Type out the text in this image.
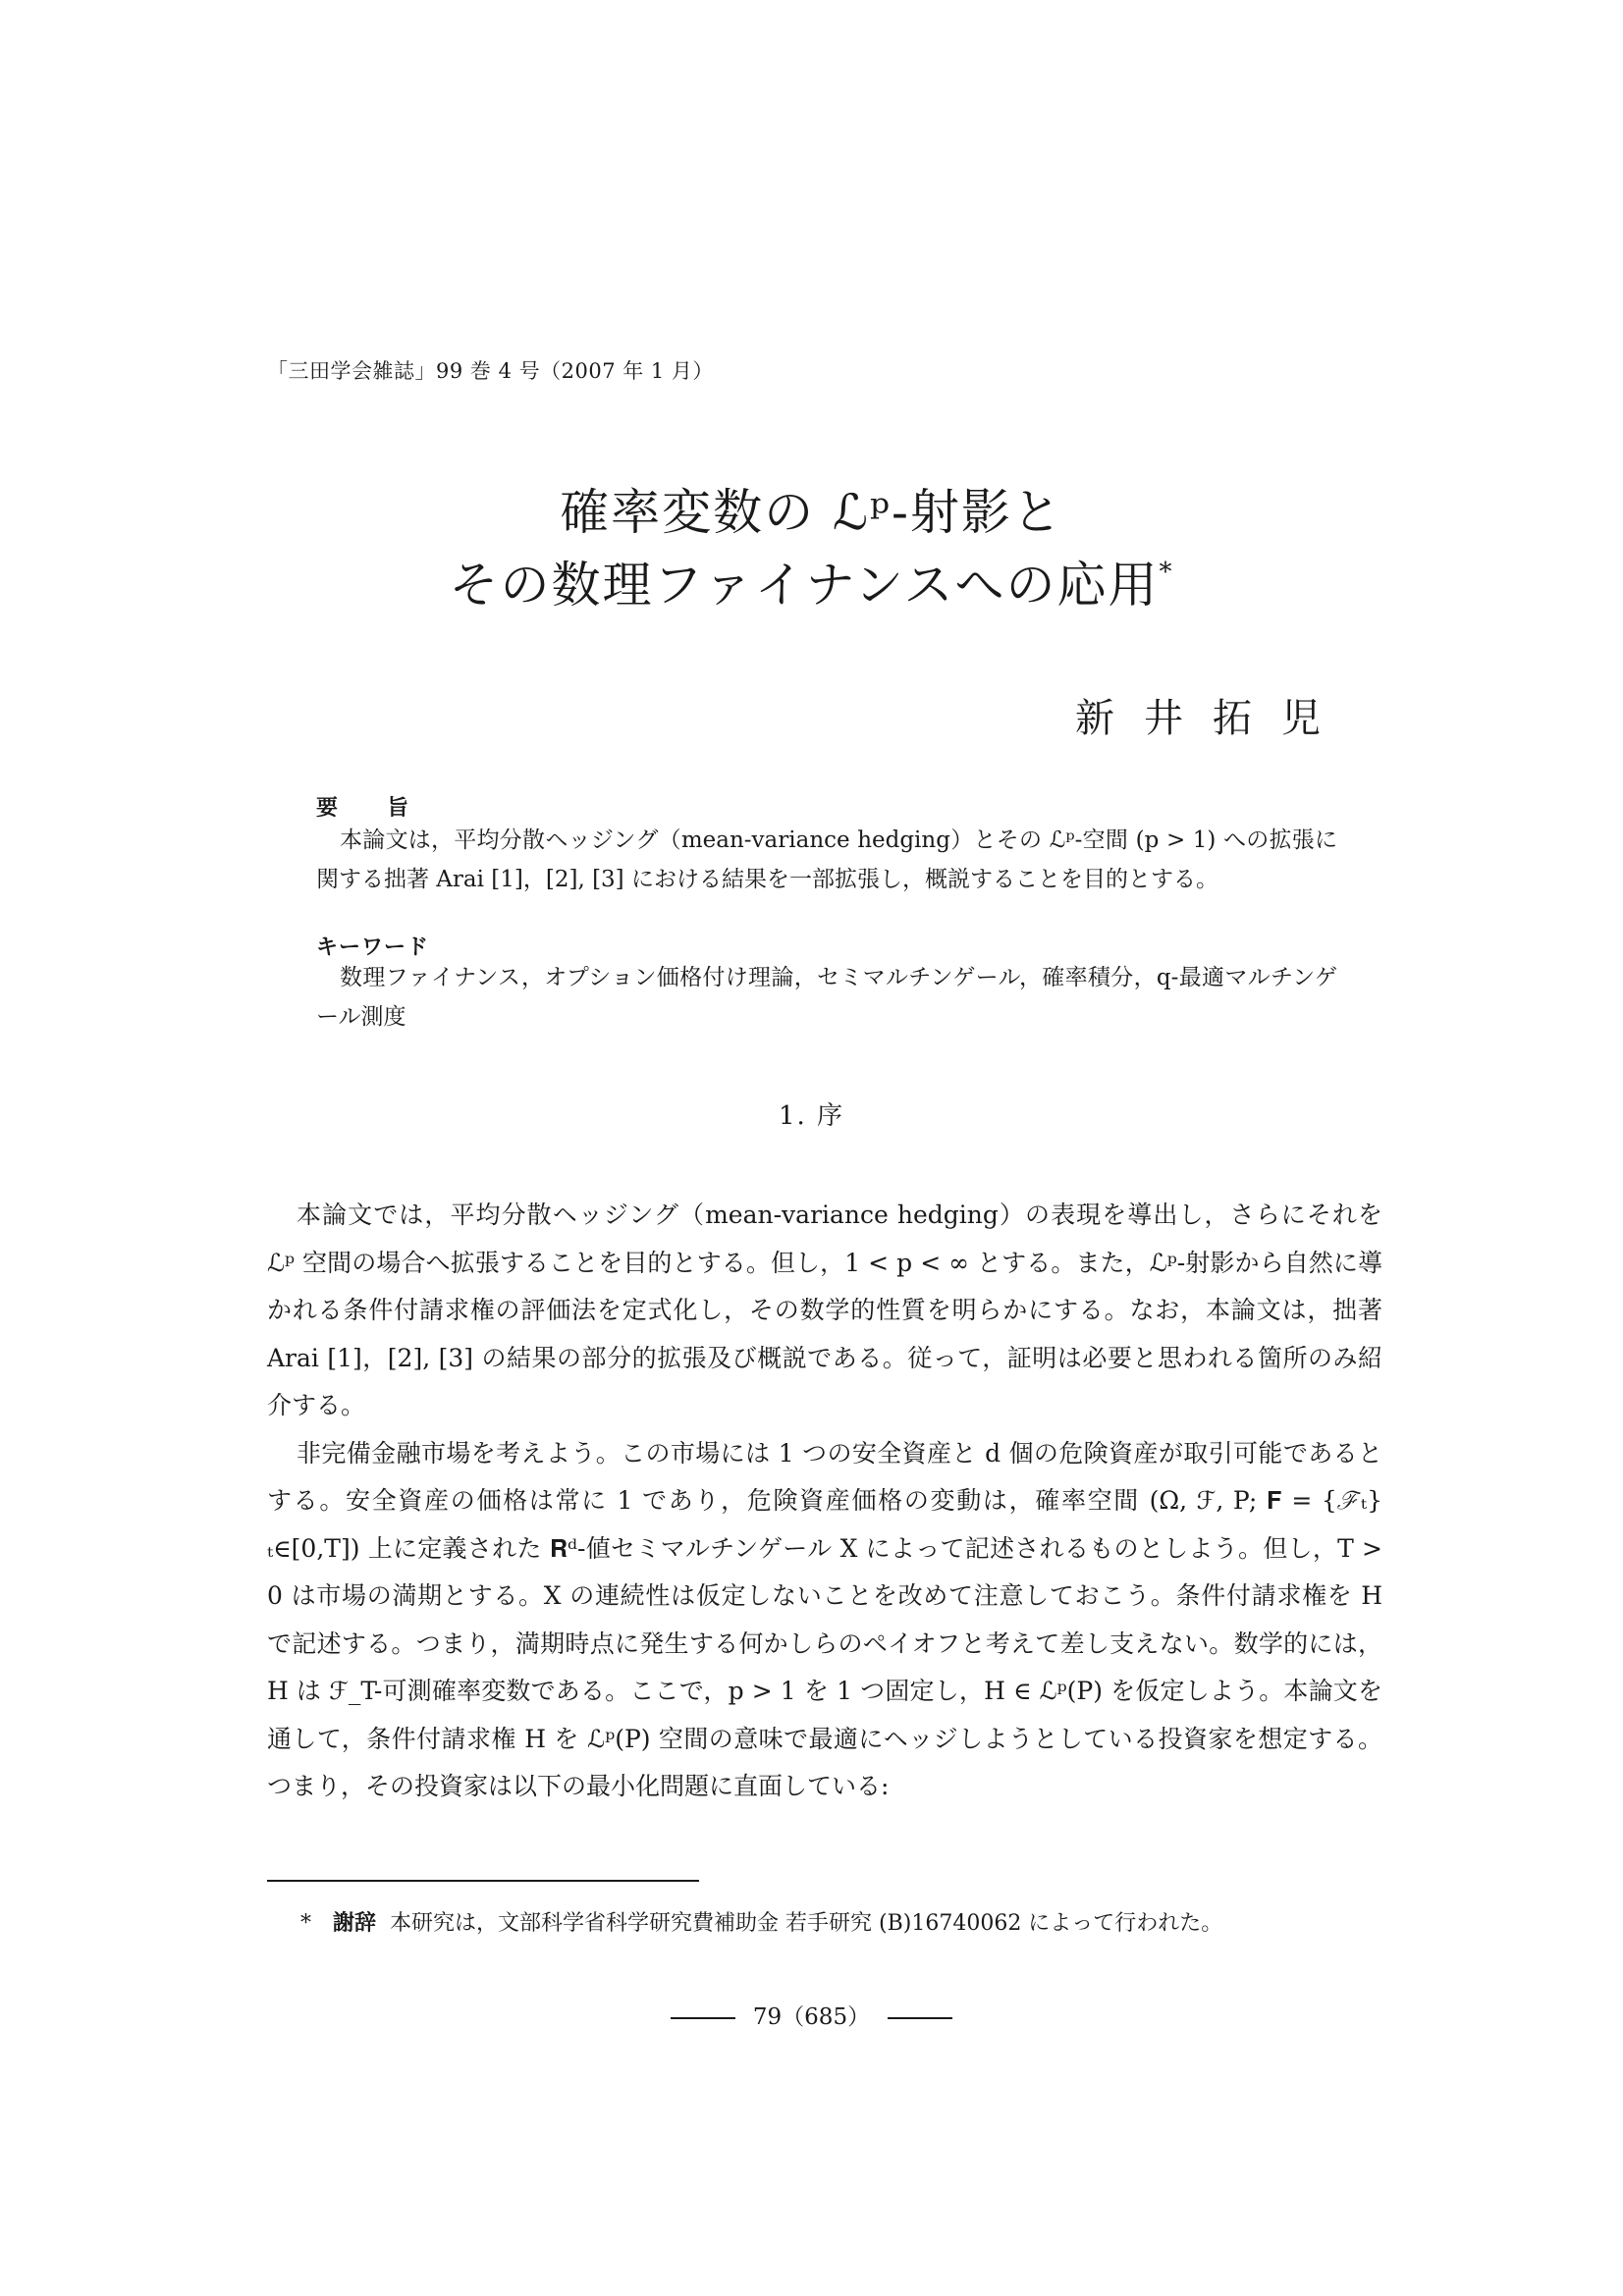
「三田学会雑誌」99 巻 4 号（2007 年 1 月）
確率変数の ℒᵖ-射影と
その数理ファイナンスへの応用*
新井拓児
要旨
本論文は，平均分散ヘッジング（mean-variance hedging）とその ℒᵖ-空間 (p > 1) への拡張に関する拙著 Arai [1]，[2], [3] における結果を一部拡張し，概説することを目的とする。
キーワード
数理ファイナンス，オプション価格付け理論，セミマルチンゲール，確率積分，q-最適マルチンゲール測度
1. 序

本論文では，平均分散ヘッジング（mean-variance hedging）の表現を導出し，さらにそれを ℒᵖ 空間の場合へ拡張することを目的とする。但し，1 < p < ∞ とする。また，ℒᵖ-射影から自然に導かれる条件付請求権の評価法を定式化し，その数学的性質を明らかにする。なお，本論文は，拙著 Arai [1]，[2], [3] の結果の部分的拡張及び概説である。従って，証明は必要と思われる箇所のみ紹介する。

非完備金融市場を考えよう。この市場には 1 つの安全資産と d 個の危険資産が取引可能であるとする。安全資産の価格は常に 1 であり，危険資産価格の変動は，確率空間 (Ω, ℱ, P; 𝐅 = {ℱₜ}ₜ∈[0,T]) 上に定義された 𝐑ᵈ-値セミマルチンゲール X によって記述されるものとしよう。但し，T > 0 は市場の満期とする。X の連続性は仮定しないことを改めて注意しておこう。条件付請求権を H で記述する。つまり，満期時点に発生する何かしらのペイオフと考えて差し支えない。数学的には，H は ℱ_T-可測確率変数である。ここで，p > 1 を 1 つ固定し，H ∈ ℒᵖ(P) を仮定しよう。本論文を通して，条件付請求権 H を ℒᵖ(P) 空間の意味で最適にヘッジしようとしている投資家を想定する。つまり，その投資家は以下の最小化問題に直面している:

* 謝辞 本研究は，文部科学省科学研究費補助金 若手研究 (B)16740062 によって行われた。
79（685）
